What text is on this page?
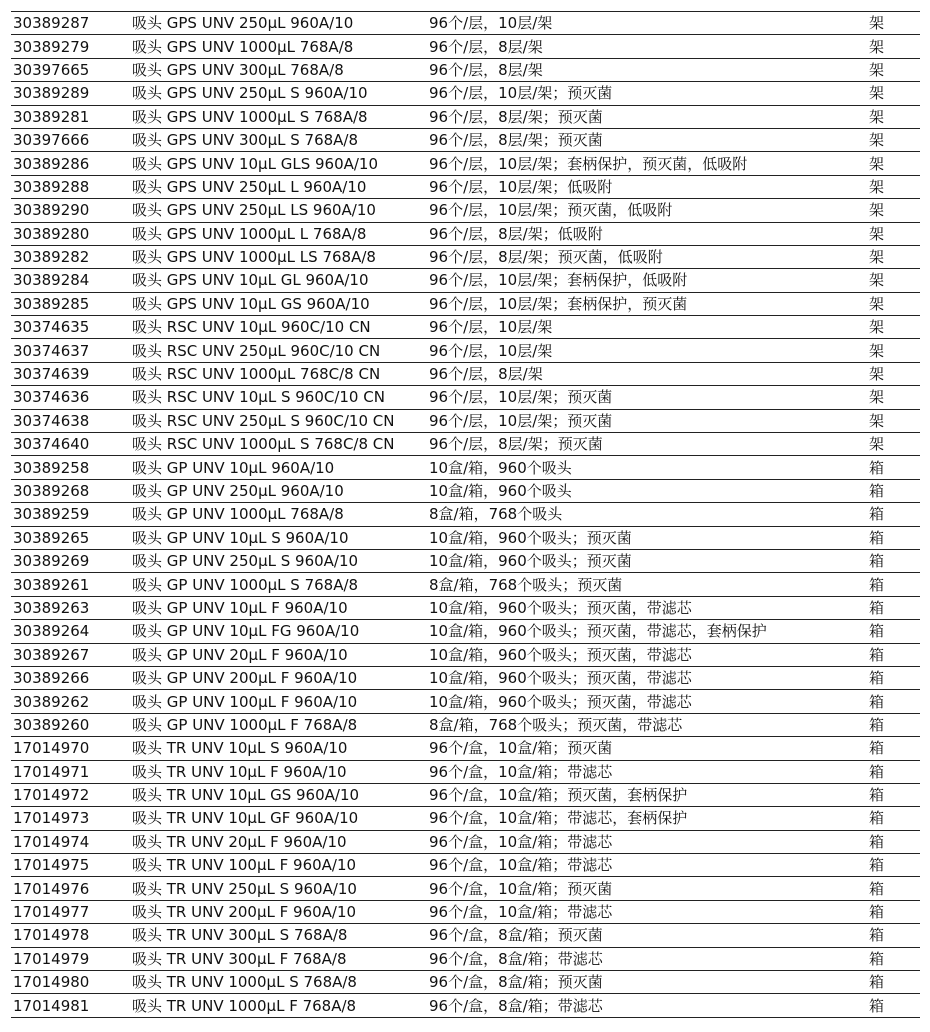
30389287	吸头 GPS UNV 250µL 960A/10	96个/层，10层/架	架
30389279	吸头 GPS UNV 1000µL 768A/8	96个/层，8层/架	架
30397665	吸头 GPS UNV 300µL 768A/8	96个/层，8层/架	架
30389289	吸头 GPS UNV 250µL S 960A/10	96个/层，10层/架；预灭菌	架
30389281	吸头 GPS UNV 1000µL S 768A/8	96个/层，8层/架；预灭菌	架
30397666	吸头 GPS UNV 300µL S 768A/8	96个/层，8层/架；预灭菌	架
30389286	吸头 GPS UNV 10µL GLS 960A/10	96个/层，10层/架；套柄保护，预灭菌，低吸附	架
30389288	吸头 GPS UNV 250µL L 960A/10	96个/层，10层/架；低吸附	架
30389290	吸头 GPS UNV 250µL LS 960A/10	96个/层，10层/架；预灭菌，低吸附	架
30389280	吸头 GPS UNV 1000µL L 768A/8	96个/层，8层/架；低吸附	架
30389282	吸头 GPS UNV 1000µL LS 768A/8	96个/层，8层/架；预灭菌，低吸附	架
30389284	吸头 GPS UNV 10µL GL 960A/10	96个/层，10层/架；套柄保护，低吸附	架
30389285	吸头 GPS UNV 10µL GS 960A/10	96个/层，10层/架；套柄保护，预灭菌	架
30374635	吸头 RSC UNV 10µL 960C/10 CN	96个/层，10层/架	架
30374637	吸头 RSC UNV 250µL 960C/10 CN	96个/层，10层/架	架
30374639	吸头 RSC UNV 1000µL 768C/8 CN	96个/层，8层/架	架
30374636	吸头 RSC UNV 10µL S 960C/10 CN	96个/层，10层/架；预灭菌	架
30374638	吸头 RSC UNV 250µL S 960C/10 CN	96个/层，10层/架；预灭菌	架
30374640	吸头 RSC UNV 1000µL S 768C/8 CN	96个/层，8层/架；预灭菌	架
30389258	吸头 GP UNV 10µL 960A/10	10盒/箱，960个吸头	箱
30389268	吸头 GP UNV 250µL 960A/10	10盒/箱，960个吸头	箱
30389259	吸头 GP UNV 1000µL 768A/8	8盒/箱，768个吸头	箱
30389265	吸头 GP UNV 10µL S 960A/10	10盒/箱，960个吸头；预灭菌	箱
30389269	吸头 GP UNV 250µL S 960A/10	10盒/箱，960个吸头；预灭菌	箱
30389261	吸头 GP UNV 1000µL S 768A/8	8盒/箱，768个吸头；预灭菌	箱
30389263	吸头 GP UNV 10µL F 960A/10	10盒/箱，960个吸头；预灭菌，带滤芯	箱
30389264	吸头 GP UNV 10µL FG 960A/10	10盒/箱，960个吸头；预灭菌，带滤芯，套柄保护	箱
30389267	吸头 GP UNV 20µL F 960A/10	10盒/箱，960个吸头；预灭菌，带滤芯	箱
30389266	吸头 GP UNV 200µL F 960A/10	10盒/箱，960个吸头；预灭菌，带滤芯	箱
30389262	吸头 GP UNV 100µL F 960A/10	10盒/箱，960个吸头；预灭菌，带滤芯	箱
30389260	吸头 GP UNV 1000µL F 768A/8	8盒/箱，768个吸头；预灭菌，带滤芯	箱
17014970	吸头 TR UNV 10µL S 960A/10	96个/盒，10盒/箱；预灭菌	箱
17014971	吸头 TR UNV 10µL F 960A/10	96个/盒，10盒/箱；带滤芯	箱
17014972	吸头 TR UNV 10µL GS 960A/10	96个/盒，10盒/箱；预灭菌，套柄保护	箱
17014973	吸头 TR UNV 10µL GF 960A/10	96个/盒，10盒/箱；带滤芯，套柄保护	箱
17014974	吸头 TR UNV 20µL F 960A/10	96个/盒，10盒/箱；带滤芯	箱
17014975	吸头 TR UNV 100µL F 960A/10	96个/盒，10盒/箱；带滤芯	箱
17014976	吸头 TR UNV 250µL S 960A/10	96个/盒，10盒/箱；预灭菌	箱
17014977	吸头 TR UNV 200µL F 960A/10	96个/盒，10盒/箱；带滤芯	箱
17014978	吸头 TR UNV 300µL S 768A/8	96个/盒，8盒/箱；预灭菌	箱
17014979	吸头 TR UNV 300µL F 768A/8	96个/盒，8盒/箱；带滤芯	箱
17014980	吸头 TR UNV 1000µL S 768A/8	96个/盒，8盒/箱；预灭菌	箱
17014981	吸头 TR UNV 1000µL F 768A/8	96个/盒，8盒/箱；带滤芯	箱
